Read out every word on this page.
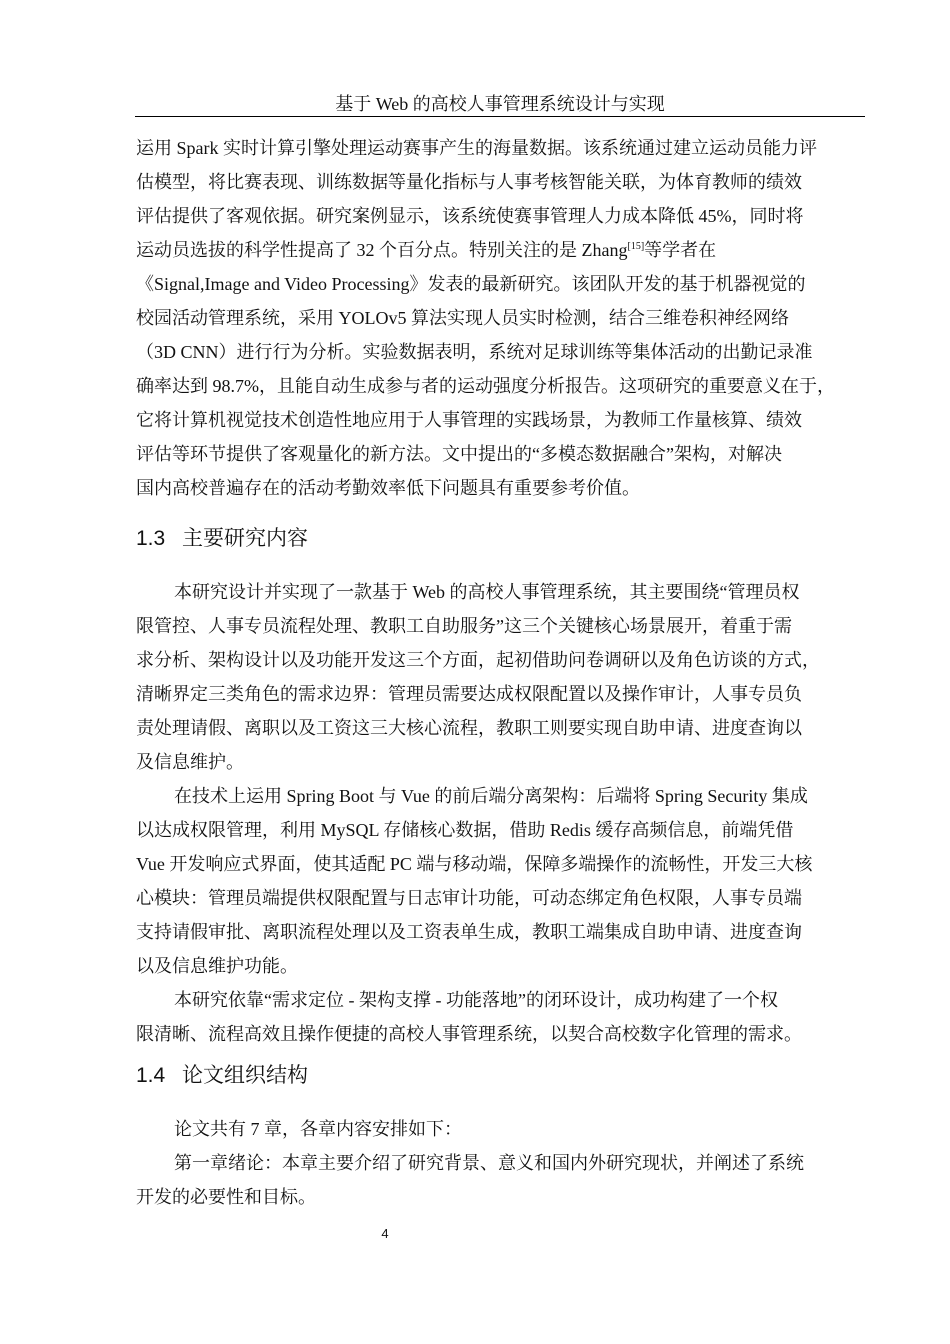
基于 Web 的高校人事管理系统设计与实现
运用 Spark 实时计算引擎处理运动赛事产生的海量数据。该系统通过建立运动员能力评
估模型，将比赛表现、训练数据等量化指标与人事考核智能关联，为体育教师的绩效
评估提供了客观依据。研究案例显示，该系统使赛事管理人力成本降低 45%，同时将
运动员选拔的科学性提高了 32 个百分点。特别关注的是 Zhang[15]等学者在
《Signal,Image and Video Processing》发表的最新研究。该团队开发的基于机器视觉的
校园活动管理系统，采用 YOLOv5 算法实现人员实时检测，结合三维卷积神经网络
（3D CNN）进行行为分析。实验数据表明，系统对足球训练等集体活动的出勤记录准
确率达到 98.7%，且能自动生成参与者的运动强度分析报告。这项研究的重要意义在于，
它将计算机视觉技术创造性地应用于人事管理的实践场景，为教师工作量核算、绩效
评估等环节提供了客观量化的新方法。文中提出的“多模态数据融合”架构，对解决
国内高校普遍存在的活动考勤效率低下问题具有重要参考价值。
1.3 主要研究内容
本研究设计并实现了一款基于 Web 的高校人事管理系统，其主要围绕“管理员权
限管控、人事专员流程处理、教职工自助服务”这三个关键核心场景展开，着重于需
求分析、架构设计以及功能开发这三个方面，起初借助问卷调研以及角色访谈的方式，
清晰界定三类角色的需求边界：管理员需要达成权限配置以及操作审计，人事专员负
责处理请假、离职以及工资这三大核心流程，教职工则要实现自助申请、进度查询以
及信息维护。
在技术上运用 Spring Boot 与 Vue 的前后端分离架构：后端将 Spring Security 集成
以达成权限管理，利用 MySQL 存储核心数据，借助 Redis 缓存高频信息，前端凭借
Vue 开发响应式界面，使其适配 PC 端与移动端，保障多端操作的流畅性，开发三大核
心模块：管理员端提供权限配置与日志审计功能，可动态绑定角色权限，人事专员端
支持请假审批、离职流程处理以及工资表单生成，教职工端集成自助申请、进度查询
以及信息维护功能。
本研究依靠“需求定位 - 架构支撑 - 功能落地”的闭环设计，成功构建了一个权
限清晰、流程高效且操作便捷的高校人事管理系统，以契合高校数字化管理的需求。
1.4 论文组织结构
论文共有 7 章，各章内容安排如下：
第一章绪论：本章主要介绍了研究背景、意义和国内外研究现状，并阐述了系统
开发的必要性和目标。
4
